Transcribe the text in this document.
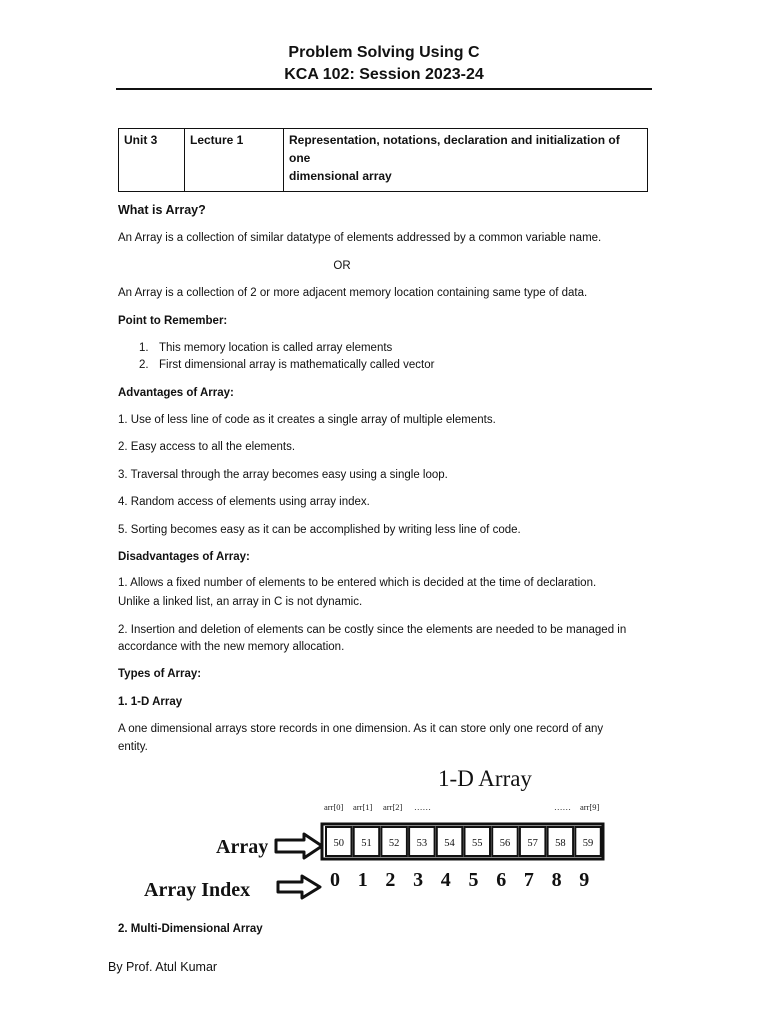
Problem Solving Using C
KCA 102: Session 2023-24
Unit 3	Lecture 1	Representation, notations, declaration and initialization of one
dimensional array
What is Array?
An Array is a collection of similar datatype of elements addressed by a common variable name.
OR
An Array is a collection of 2 or more adjacent memory location containing same type of data.
Point to Remember:
1. This memory location is called array elements
2. First dimensional array is mathematically called vector
Advantages of Array:
1. Use of less line of code as it creates a single array of multiple elements.
2. Easy access to all the elements.
3. Traversal through the array becomes easy using a single loop.
4. Random access of elements using array index.
5. Sorting becomes easy as it can be accomplished by writing less line of code.
Disadvantages of Array:
1. Allows a fixed number of elements to be entered which is decided at the time of declaration.
Unlike a linked list, an array in C is not dynamic.
2. Insertion and deletion of elements can be costly since the elements are needed to be managed in
accordance with the new memory allocation.
Types of Array:
1. 1-D Array
A one dimensional arrays store records in one dimension. As it can store only one record of any
entity.
1-D Array
arr[0] arr[1] arr[2] ……	…… arr[9]
Array	50 51 52 53 54 55 56 57 58 59
Array Index	0 1 2 3 4 5 6 7 8 9
2. Multi-Dimensional Array
By Prof. Atul Kumar
